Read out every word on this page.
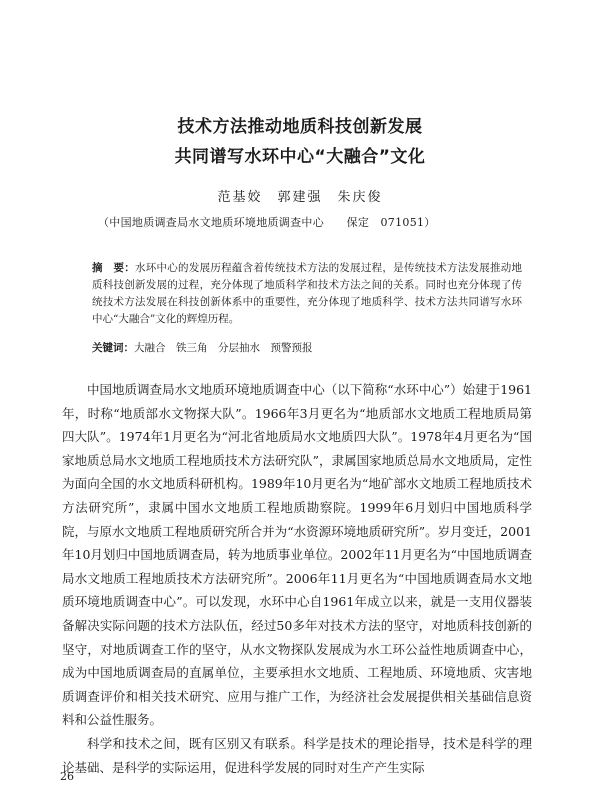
技术方法推动地质科技创新发展
共同谱写水环中心“大融合”文化
范基姣　郭建强　朱庆俊
（中国地质调查局水文地质环境地质调查中心　　保定　071051）
摘　要：水环中心的发展历程蕴含着传统技术方法的发展过程，是传统技术方法发展推动地质科技创新发展的过程，充分体现了地质科学和技术方法之间的关系。同时也充分体现了传统技术方法发展在科技创新体系中的重要性，充分体现了地质科学、技术方法共同谱写水环中心“大融合”文化的辉煌历程。
关键词：大融合　铁三角　分层抽水　预警预报

中国地质调查局水文地质环境地质调查中心（以下简称“水环中心”）始建于1961年，时称“地质部水文物探大队”。1966年3月更名为“地质部水文地质工程地质局第四大队”。1974年1月更名为“河北省地质局水文地质四大队”。1978年4月更名为“国家地质总局水文地质工程地质技术方法研究队”，隶属国家地质总局水文地质局，定性为面向全国的水文地质科研机构。1989年10月更名为“地矿部水文地质工程地质技术方法研究所”，隶属中国水文地质工程地质勘察院。1999年6月划归中国地质科学院，与原水文地质工程地质研究所合并为“水资源环境地质研究所”。岁月变迁，2001年10月划归中国地质调查局，转为地质事业单位。2002年11月更名为“中国地质调查局水文地质工程地质技术方法研究所”。2006年11月更名为“中国地质调查局水文地质环境地质调查中心”。可以发现，水环中心自1961年成立以来，就是一支用仪器装备解决实际问题的技术方法队伍，经过50多年对技术方法的坚守，对地质科技创新的坚守，对地质调查工作的坚守，从水文物探队发展成为水工环公益性地质调查中心，成为中国地质调查局的直属单位，主要承担水文地质、工程地质、环境地质、灾害地质调查评价和相关技术研究、应用与推广工作，为经济社会发展提供相关基础信息资料和公益性服务。

科学和技术之间，既有区别又有联系。科学是技术的理论指导，技术是科学的理论基础、是科学的实际运用，促进科学发展的同时对生产产生实际

26
